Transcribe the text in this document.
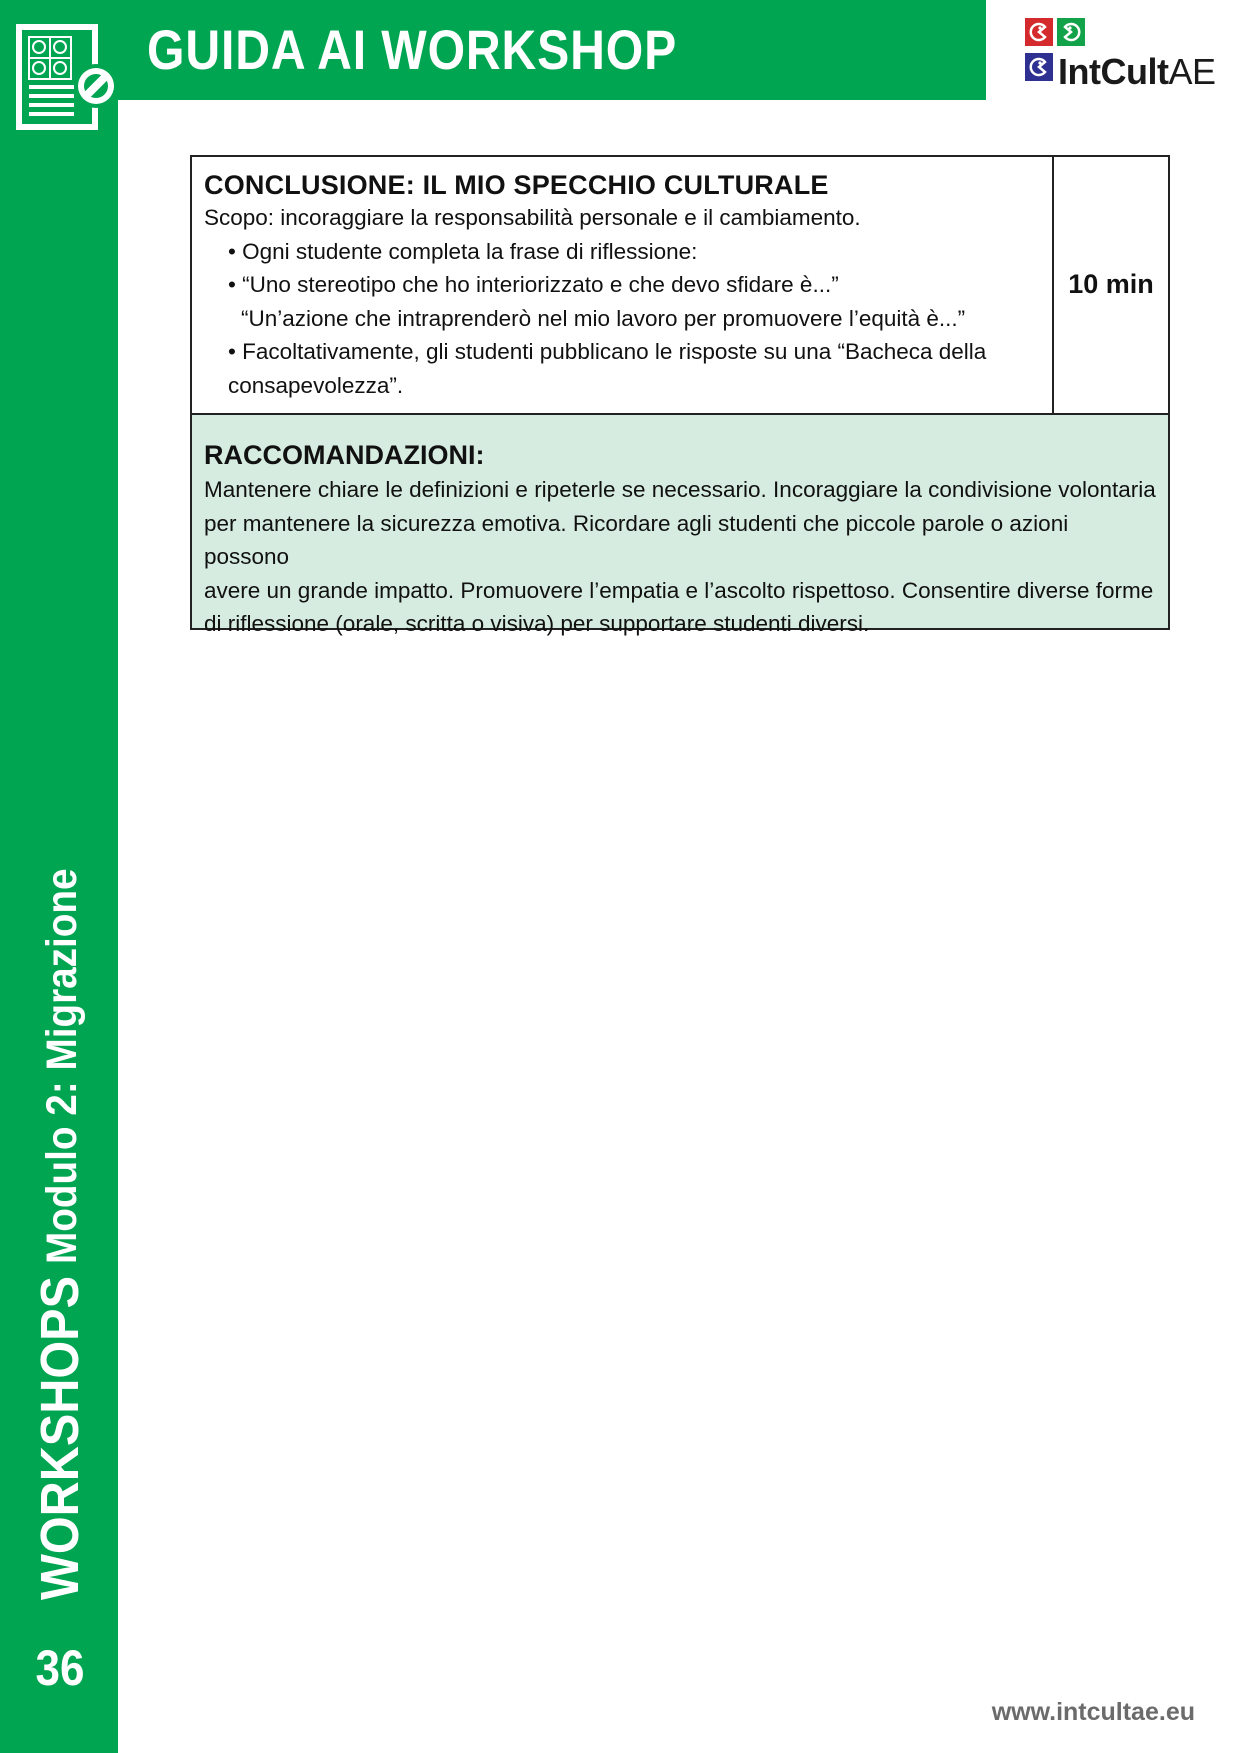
GUIDA AI WORKSHOP	IntCultAE
WORKSHOPS
Modulo 2: Migrazione
36
CONCLUSIONE: IL MIO SPECCHIO CULTURALE
Scopo: incoraggiare la responsabilità personale e il cambiamento.
• Ogni studente completa la frase di riflessione:
• “Uno stereotipo che ho interiorizzato e che devo sfidare è...”
“Un’azione che intraprenderò nel mio lavoro per promuovere l’equità è...”
• Facoltativamente, gli studenti pubblicano le risposte su una “Bacheca della
consapevolezza”.
10 min
RACCOMANDAZIONI:
Mantenere chiare le definizioni e ripeterle se necessario. Incoraggiare la condivisione volontaria
per mantenere la sicurezza emotiva. Ricordare agli studenti che piccole parole o azioni possono
avere un grande impatto. Promuovere l’empatia e l’ascolto rispettoso. Consentire diverse forme
di riflessione (orale, scritta o visiva) per supportare studenti diversi.
www.intcultae.eu
